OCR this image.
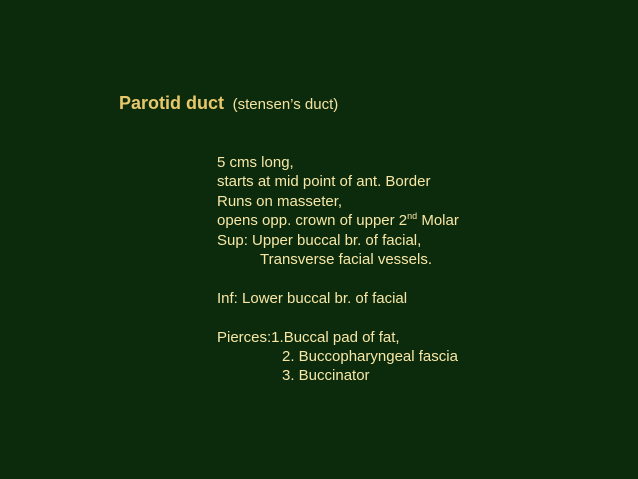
Parotid duct (stensen’s duct)
5 cms long,
starts at mid point of ant. Border
Runs on masseter,
opens opp. crown of upper 2nd Molar
Sup: Upper buccal br. of facial,
Transverse facial vessels.
Inf: Lower buccal br. of facial
Pierces:1.Buccal pad of fat,
2. Buccopharyngeal fascia
3. Buccinator
